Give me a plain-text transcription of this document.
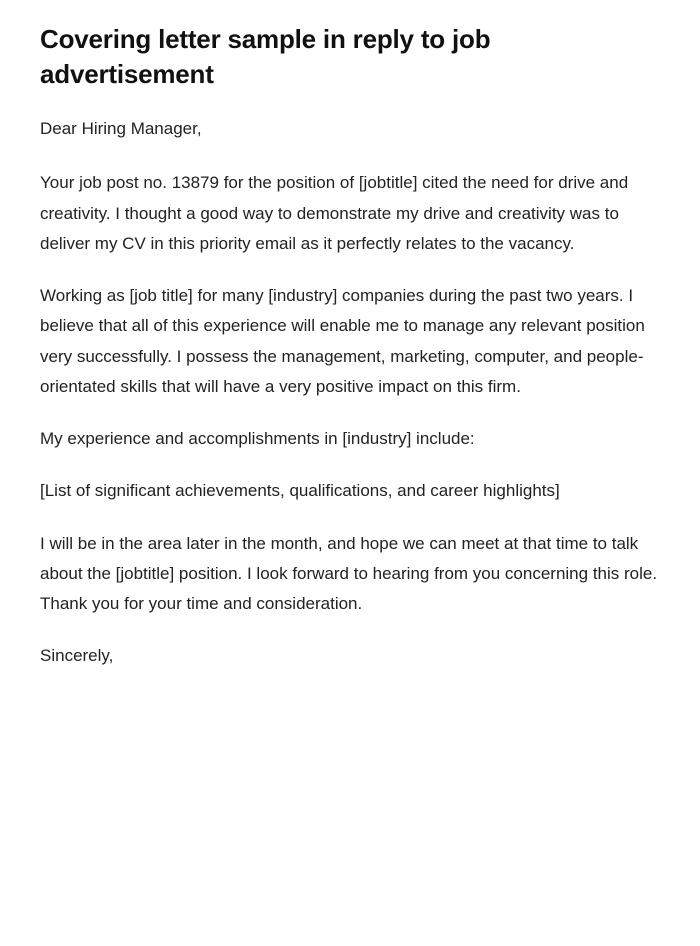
Covering letter sample in reply to job advertisement

Dear Hiring Manager,

Your job post no. 13879 for the position of [jobtitle] cited the need for drive and creativity. I thought a good way to demonstrate my drive and creativity was to deliver my CV in this priority email as it perfectly relates to the vacancy.

Working as [job title] for many [industry] companies during the past two years. I believe that all of this experience will enable me to manage any relevant position very successfully. I possess the management, marketing, computer, and people-orientated skills that will have a very positive impact on this firm.

My experience and accomplishments in [industry] include:

[List of significant achievements, qualifications, and career highlights]

I will be in the area later in the month, and hope we can meet at that time to talk about the [jobtitle] position. I look forward to hearing from you concerning this role. Thank you for your time and consideration.

Sincerely,
